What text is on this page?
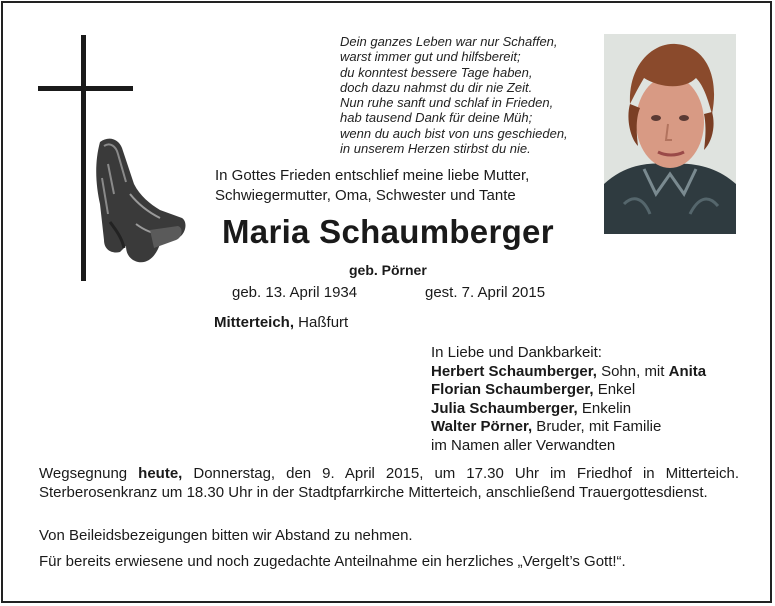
Dein ganzes Leben war nur Schaffen,
warst immer gut und hilfsbereit;
du konntest bessere Tage haben,
doch dazu nahmst du dir nie Zeit.
Nun ruhe sanft und schlaf in Frieden,
hab tausend Dank für deine Müh;
wenn du auch bist von uns geschieden,
in unserem Herzen stirbst du nie.
In Gottes Frieden entschlief meine liebe Mutter,
Schwiegermutter, Oma, Schwester und Tante
Maria Schaumberger
geb. Pörner
geb. 13. April 1934	gest. 7. April 2015
Mitterteich, Haßfurt
In Liebe und Dankbarkeit:
Herbert Schaumberger, Sohn, mit Anita
Florian Schaumberger, Enkel
Julia Schaumberger, Enkelin
Walter Pörner, Bruder, mit Familie
im Namen aller Verwandten
Wegsegnung heute, Donnerstag, den 9. April 2015, um 17.30 Uhr im Friedhof in Mitterteich. Sterberosenkranz um 18.30 Uhr in der Stadtpfarrkirche Mitterteich, anschließend Trauergottesdienst.
Von Beileidsbezeigungen bitten wir Abstand zu nehmen.
Für bereits erwiesene und noch zugedachte Anteilnahme ein herzliches „Vergelt’s Gott!“.
